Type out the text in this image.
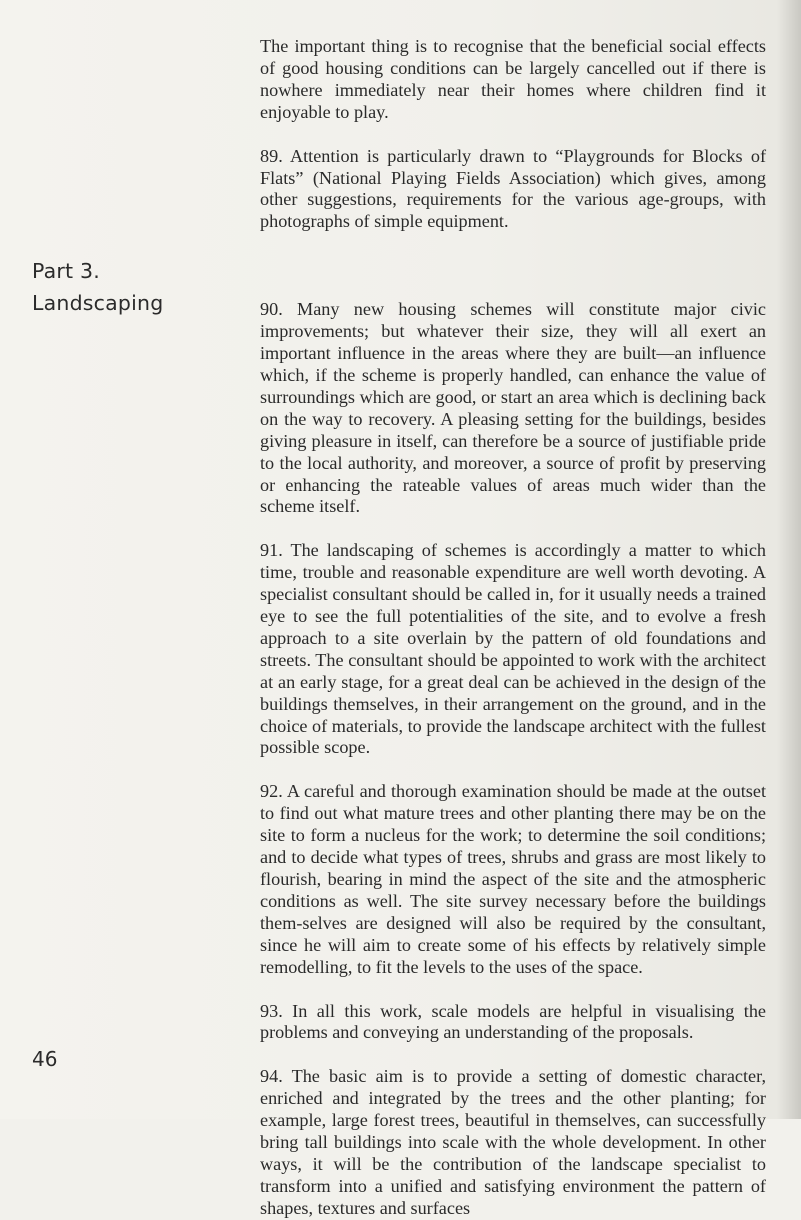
Part 3.
Landscaping
46

The important thing is to recognise that the beneficial social effects of good housing conditions can be largely cancelled out if there is nowhere immediately near their homes where children find it enjoyable to play.

89. Attention is particularly drawn to “Playgrounds for Blocks of Flats” (National Playing Fields Association) which gives, among other suggestions, requirements for the various age-groups, with photographs of simple equipment.

90. Many new housing schemes will constitute major civic improvements; but whatever their size, they will all exert an important influence in the areas where they are built—an influence which, if the scheme is properly handled, can enhance the value of surroundings which are good, or start an area which is declining back on the way to recovery. A pleasing setting for the buildings, besides giving pleasure in itself, can therefore be a source of justifiable pride to the local authority, and moreover, a source of profit by preserving or enhancing the rateable values of areas much wider than the scheme itself.

91. The landscaping of schemes is accordingly a matter to which time, trouble and reasonable expenditure are well worth devoting. A specialist consultant should be called in, for it usually needs a trained eye to see the full potentialities of the site, and to evolve a fresh approach to a site overlain by the pattern of old foundations and streets. The consultant should be appointed to work with the architect at an early stage, for a great deal can be achieved in the design of the buildings themselves, in their arrangement on the ground, and in the choice of materials, to provide the landscape architect with the fullest possible scope.

92. A careful and thorough examination should be made at the outset to find out what mature trees and other planting there may be on the site to form a nucleus for the work; to determine the soil conditions; and to decide what types of trees, shrubs and grass are most likely to flourish, bearing in mind the aspect of the site and the atmospheric conditions as well. The site survey necessary before the buildings them-selves are designed will also be required by the consultant, since he will aim to create some of his effects by relatively simple remodelling, to fit the levels to the uses of the space.

93. In all this work, scale models are helpful in visualising the problems and conveying an understanding of the proposals.

94. The basic aim is to provide a setting of domestic character, enriched and integrated by the trees and the other planting; for example, large forest trees, beautiful in themselves, can successfully bring tall buildings into scale with the whole development. In other ways, it will be the contribution of the landscape specialist to transform into a unified and satisfying environment the pattern of shapes, textures and surfaces
